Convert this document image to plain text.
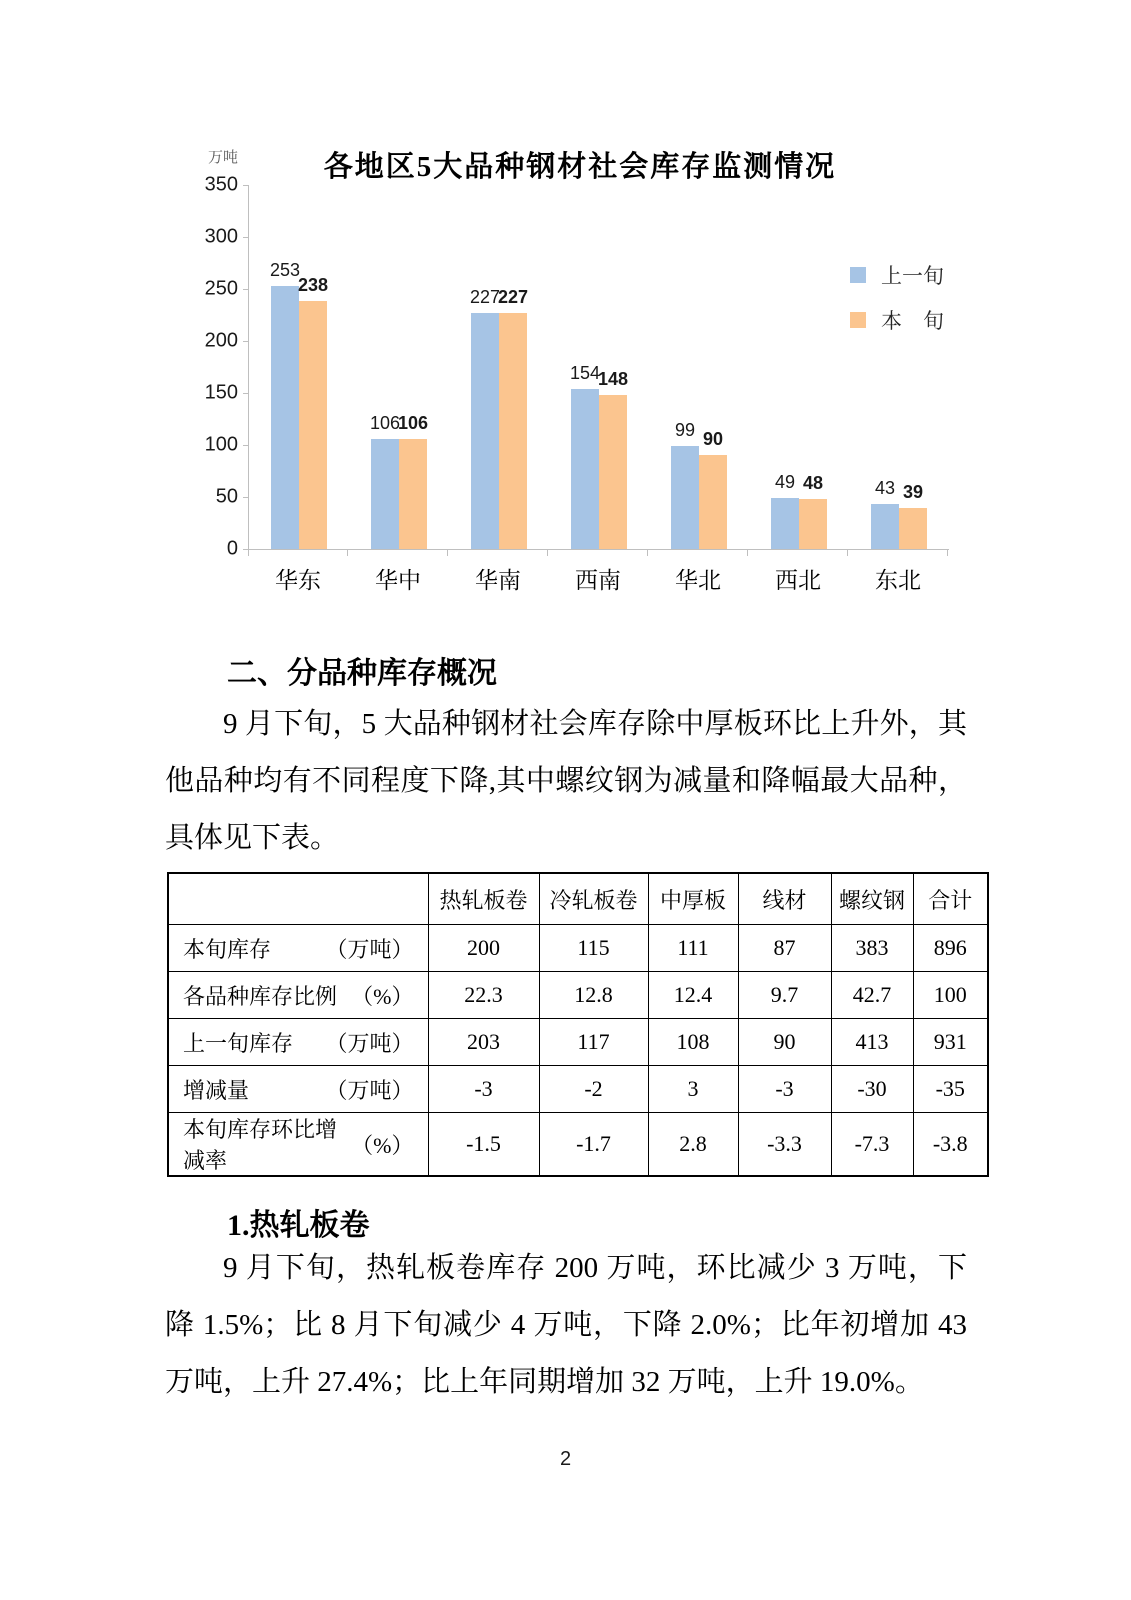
万吨	各地区5大品种钢材社会库存监测情况
0
50
100
150
200
250
300
350
253
238
106
106
227
227
154
148
99 90
49 48	43 39
华东	华中	华南	西南	华北	西北	东北
上一旬
本　旬
二、分品种库存概况

9 月下旬，5 大品种钢材社会库存除中厚板环比上升外，其他品种均有不同程度下降,其中螺纹钢为减量和降幅最大品种，具体见下表。

	热轧板卷	冷轧板卷	中厚板	线材	螺纹钢	合计

本旬库存 （万吨）	200	115	111	87	383	896

各品种库存比例 （%）	22.3	12.8	12.4	9.7	42.7	100

上一旬库存 （万吨）	203	117	108	90	413	931

增减量 （万吨）	-3	-2	3	-3	-30	-35

本旬库存环比增减率
（%）	-1.5	-1.7	2.8	-3.3	-7.3	-3.8
1.热轧板卷

9 月下旬，热轧板卷库存 200 万吨，环比减少 3 万吨，下降 1.5%；比 8 月下旬减少 4 万吨，下降 2.0%；比年初增加 43 万吨，上升 27.4%；比上年同期增加 32 万吨，上升 19.0%。

2
